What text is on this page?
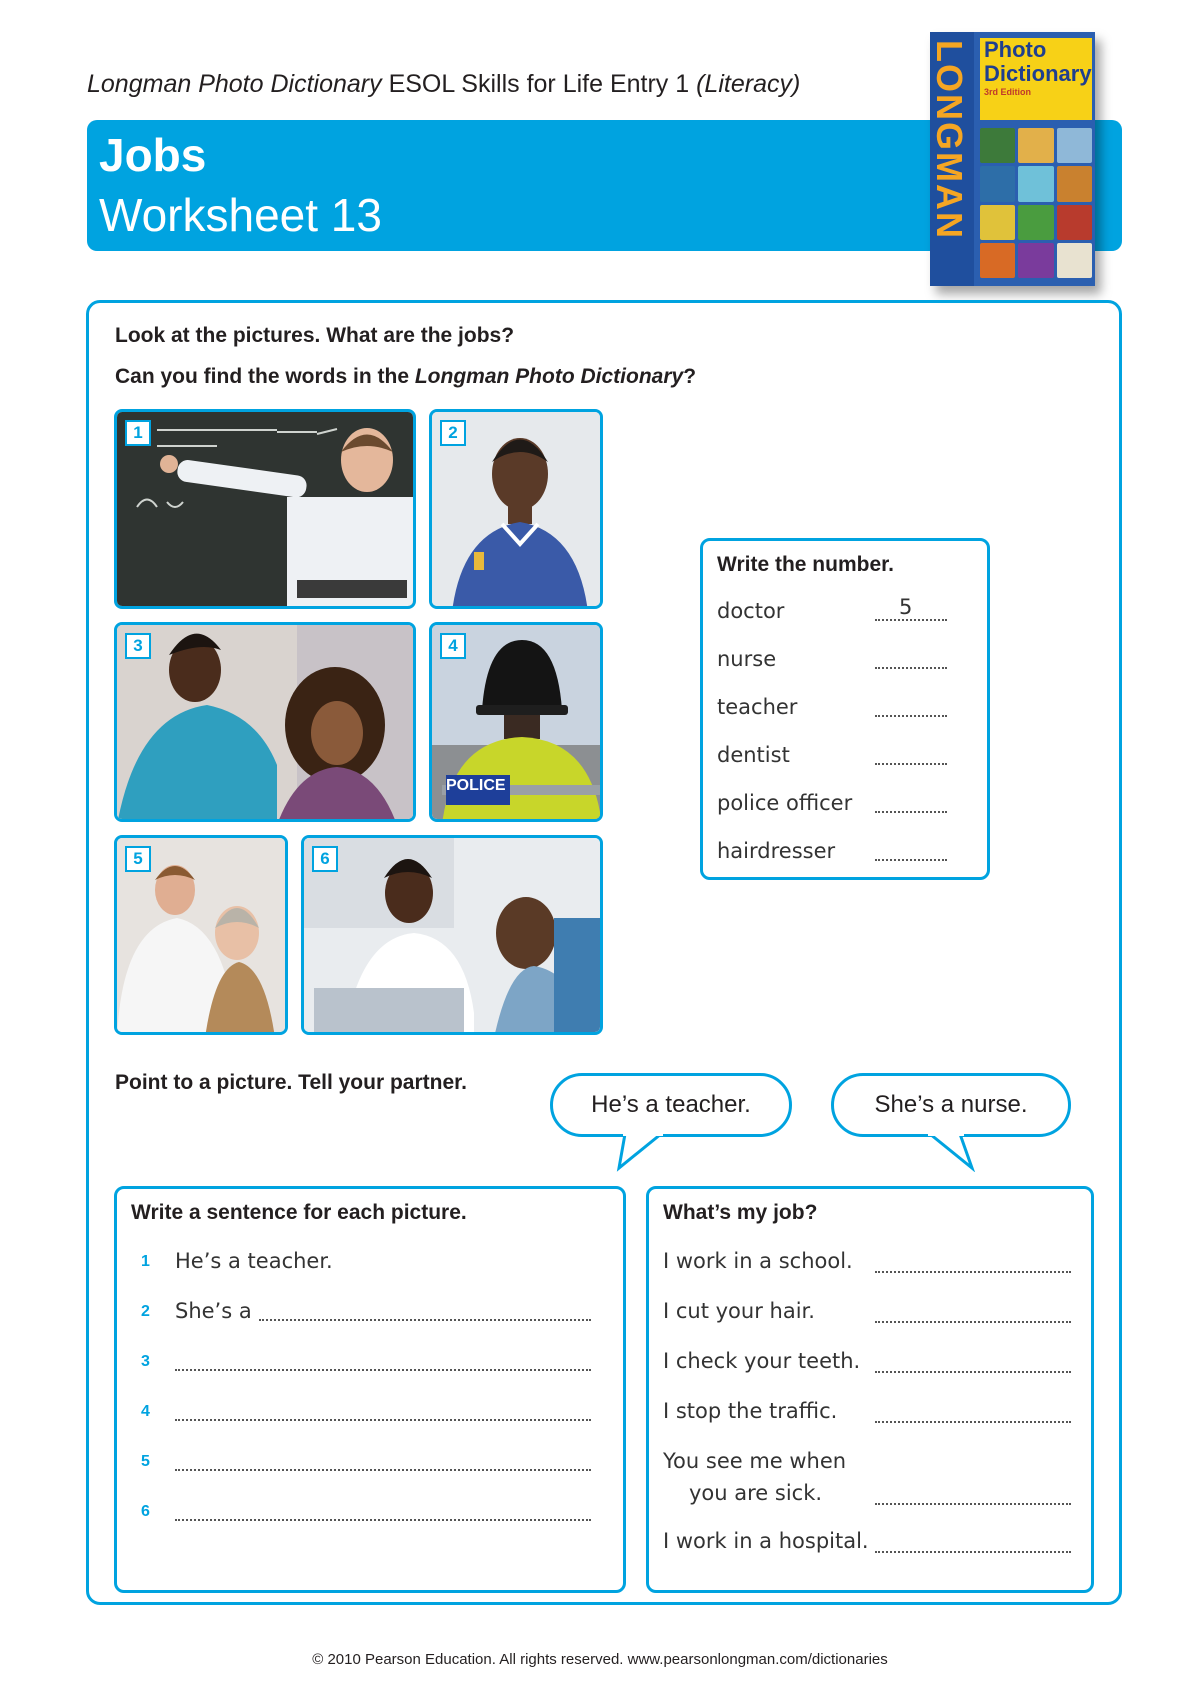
Longman Photo Dictionary ESOL Skills for Life Entry 1 (Literacy)
Jobs
Worksheet 13	LONGMAN Photo
Dictionary
3rd Edition
Look at the pictures. What are the jobs?
Can you find the words in the Longman Photo Dictionary?
1	2
3	4
POLICE
5	6
Write the number.
doctor	5
nurse
teacher
dentist
police officer
hairdresser
Point to a picture. Tell your partner.
He’s a teacher.	She’s a nurse.
Write a sentence for each picture.
1 He’s a teacher.
2 She’s a
3
4
5
6
What’s my job?
I work in a school.
I cut your hair.
I check your teeth.
I stop the traffic.
You see me when
you are sick.
I work in a hospital.
© 2010 Pearson Education. All rights reserved. www.pearsonlongman.com/dictionaries
